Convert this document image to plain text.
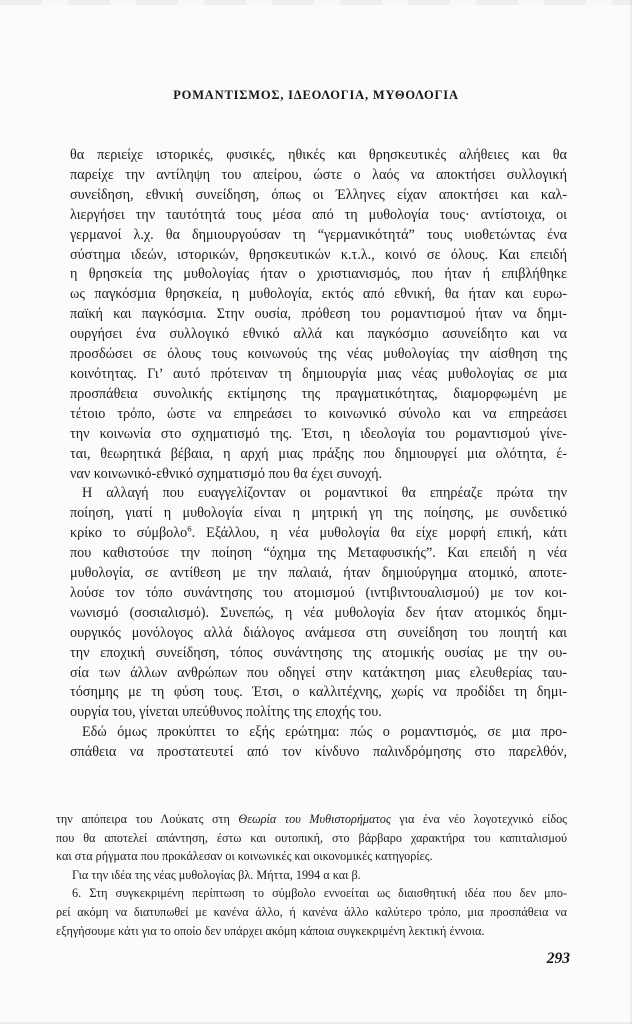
ΡΟΜΑΝΤΙΣΜΟΣ, ΙΔΕΟΛΟΓΙΑ, ΜΥΘΟΛΟΓΙΑ
θα περιείχε ιστορικές, φυσικές, ηθικές και θρησκευτικές αλήθειες και θα
παρείχε την αντίληψη του απείρου, ώστε ο λαός να αποκτήσει συλλογική
συνείδηση, εθνική συνείδηση, όπως οι Έλληνες είχαν αποκτήσει και καλ-
λιεργήσει την ταυτότητά τους μέσα από τη μυθολογία τους· αντίστοιχα, οι
γερμανοί λ.χ. θα δημιουργούσαν τη “γερμανικότητά” τους υιοθετώντας ένα
σύστημα ιδεών, ιστορικών, θρησκευτικών κ.τ.λ., κοινό σε όλους. Και επειδή
η θρησκεία της μυθολογίας ήταν ο χριστιανισμός, που ήταν ή επιβλήθηκε
ως παγκόσμια θρησκεία, η μυθολογία, εκτός από εθνική, θα ήταν και ευρω-
παϊκή και παγκόσμια. Στην ουσία, πρόθεση του ρομαντισμού ήταν να δημι-
ουργήσει ένα συλλογικό εθνικό αλλά και παγκόσμιο ασυνείδητο και να
προσδώσει σε όλους τους κοινωνούς της νέας μυθολογίας την αίσθηση της
κοινότητας. Γι’ αυτό πρότειναν τη δημιουργία μιας νέας μυθολογίας σε μια
προσπάθεια συνολικής εκτίμησης της πραγματικότητας, διαμορφωμένη με
τέτοιο τρόπο, ώστε να επηρεάσει το κοινωνικό σύνολο και να επηρεάσει
την κοινωνία στο σχηματισμό της. Έτσι, η ιδεολογία του ρομαντισμού γίνε-
ται, θεωρητικά βέβαια, η αρχή μιας πράξης που δημιουργεί μια ολότητα, έ-
ναν κοινωνικό-εθνικό σχηματισμό που θα έχει συνοχή.
Η αλλαγή που ευαγγελίζονταν οι ρομαντικοί θα επηρέαζε πρώτα την
ποίηση, γιατί η μυθολογία είναι η μητρική γη της ποίησης, με συνδετικό
κρίκο το σύμβολο$^6$. Εξάλλου, η νέα μυθολογία θα είχε μορφή επική, κάτι
που καθιστούσε την ποίηση “όχημα της Μεταφυσικής”. Και επειδή η νέα
μυθολογία, σε αντίθεση με την παλαιά, ήταν δημιούργημα ατομικό, αποτε-
λούσε τον τόπο συνάντησης του ατομισμού (ιντιβιντουαλισμού) με τον κοι-
νωνισμό (σοσιαλισμό). Συνεπώς, η νέα μυθολογία δεν ήταν ατομικός δημι-
ουργικός μονόλογος αλλά διάλογος ανάμεσα στη συνείδηση του ποιητή και
την εποχική συνείδηση, τόπος συνάντησης της ατομικής ουσίας με την ου-
σία των άλλων ανθρώπων που οδηγεί στην κατάκτηση μιας ελευθερίας ταυ-
τόσημης με τη φύση τους. Έτσι, ο καλλιτέχνης, χωρίς να προδίδει τη δημι-
ουργία του, γίνεται υπεύθυνος πολίτης της εποχής του.
Εδώ όμως προκύπτει το εξής ερώτημα: πώς ο ρομαντισμός, σε μια προ-
σπάθεια να προστατευτεί από τον κίνδυνο παλινδρόμησης στο παρελθόν,
την απόπειρα του Λούκατς στη Θεωρία του Μυθιστορήματος για ένα νέο λογοτεχνικό είδος
που θα αποτελεί απάντηση, έστω και ουτοπική, στο βάρβαρο χαρακτήρα του καπιταλισμού
και στα ρήγματα που προκάλεσαν οι κοινωνικές και οικονομικές κατηγορίες.
Για την ιδέα της νέας μυθολογίας βλ. Μήττα, 1994 α και β.
6. Στη συγκεκριμένη περίπτωση το σύμβολο εννοείται ως διαισθητική ιδέα που δεν μπο-
ρεί ακόμη να διατυπωθεί με κανένα άλλο, ή κανένα άλλο καλύτερο τρόπο, μια προσπάθεια να
εξηγήσουμε κάτι για το οποίο δεν υπάρχει ακόμη κάποια συγκεκριμένη λεκτική έννοια.
293
